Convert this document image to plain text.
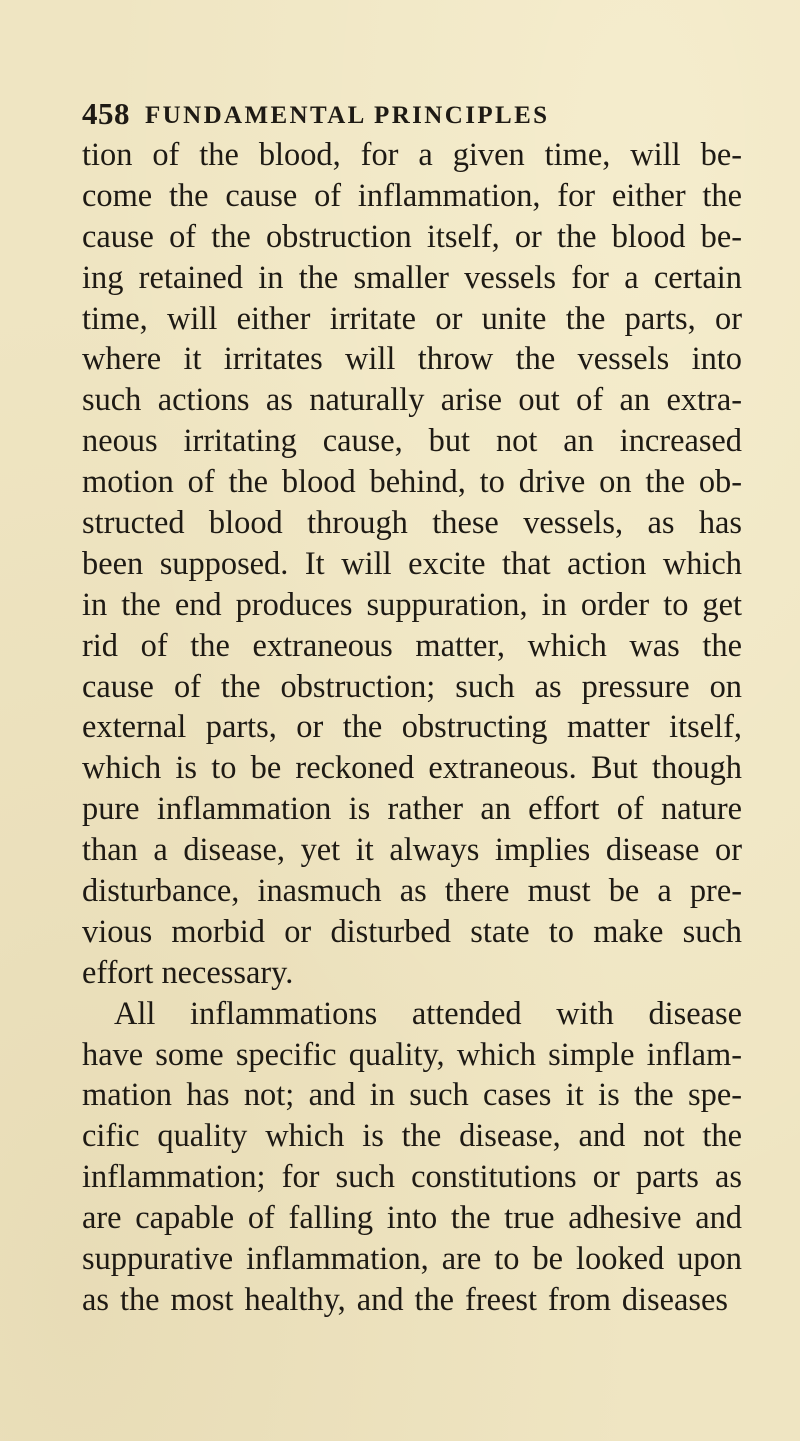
458 FUNDAMENTAL PRINCIPLES
tion of the blood, for a given time, will be-
come the cause of inflammation, for either the
cause of the obstruction itself, or the blood be-
ing retained in the smaller vessels for a certain
time, will either irritate or unite the parts, or
where it irritates will throw the vessels into
such actions as naturally arise out of an extra-
neous irritating cause, but not an increased
motion of the blood behind, to drive on the ob-
structed blood through these vessels, as has
been supposed. It will excite that action which
in the end produces suppuration, in order to get
rid of the extraneous matter, which was the
cause of the obstruction; such as pressure on
external parts, or the obstructing matter itself,
which is to be reckoned extraneous. But though
pure inflammation is rather an effort of nature
than a disease, yet it always implies disease or
disturbance, inasmuch as there must be a pre-
vious morbid or disturbed state to make such
effort necessary.
All inflammations attended with disease
have some specific quality, which simple inflam-
mation has not; and in such cases it is the spe-
cific quality which is the disease, and not the
inflammation; for such constitutions or parts as
are capable of falling into the true adhesive and
suppurative inflammation, are to be looked upon
as the most healthy, and the freest from diseases
